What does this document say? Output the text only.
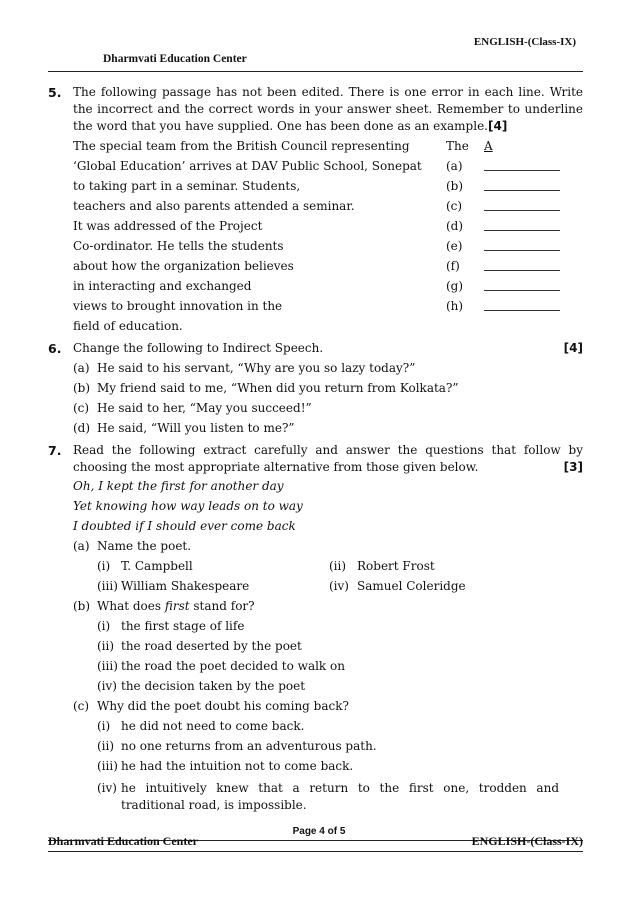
ENGLISH-(Class-IX)
Dharmvati Education Center
5. The following passage has not been edited. There is one error in each line. Write the incorrect and the correct words in your answer sheet. Remember to underline the word that you have supplied. One has been done as an example.[4]
The special team from the British Council representing	The A
‘Global Education’ arrives at DAV Public School, Sonepat (a)
to taking part in a seminar. Students,	(b)
teachers and also parents attended a seminar.	(c)
It was addressed of the Project	(d)
Co-ordinator. He tells the students	(e)
about how the organization believes	(f)
in interacting and exchanged	(g)
views to brought innovation in the	(h)
field of education.
6. Change the following to Indirect Speech.	[4]
(a) He said to his servant, “Why are you so lazy today?”
(b) My friend said to me, “When did you return from Kolkata?”
(c) He said to her, “May you succeed!”
(d) He said, “Will you listen to me?”
7. Read the following extract carefully and answer the questions that follow by choosing the most appropriate alternative from those given below.	[3]
Oh, I kept the first for another day
Yet knowing how way leads on to way
I doubted if I should ever come back
(a) Name the poet.
(i) T. Campbell	(ii) Robert Frost
(iii) William Shakespeare	(iv) Samuel Coleridge
(b) What does first stand for?
(i) the first stage of life
(ii) the road deserted by the poet
(iii) the road the poet decided to walk on
(iv) the decision taken by the poet
(c) Why did the poet doubt his coming back?
(i) he did not need to come back.
(ii) no one returns from an adventurous path.
(iii) he had the intuition not to come back.
(iv) he intuitively knew that a return to the first one, trodden and traditional road, is impossible.
Page 4 of 5
Dharmvati Education Center	ENGLISH-(Class-IX)
